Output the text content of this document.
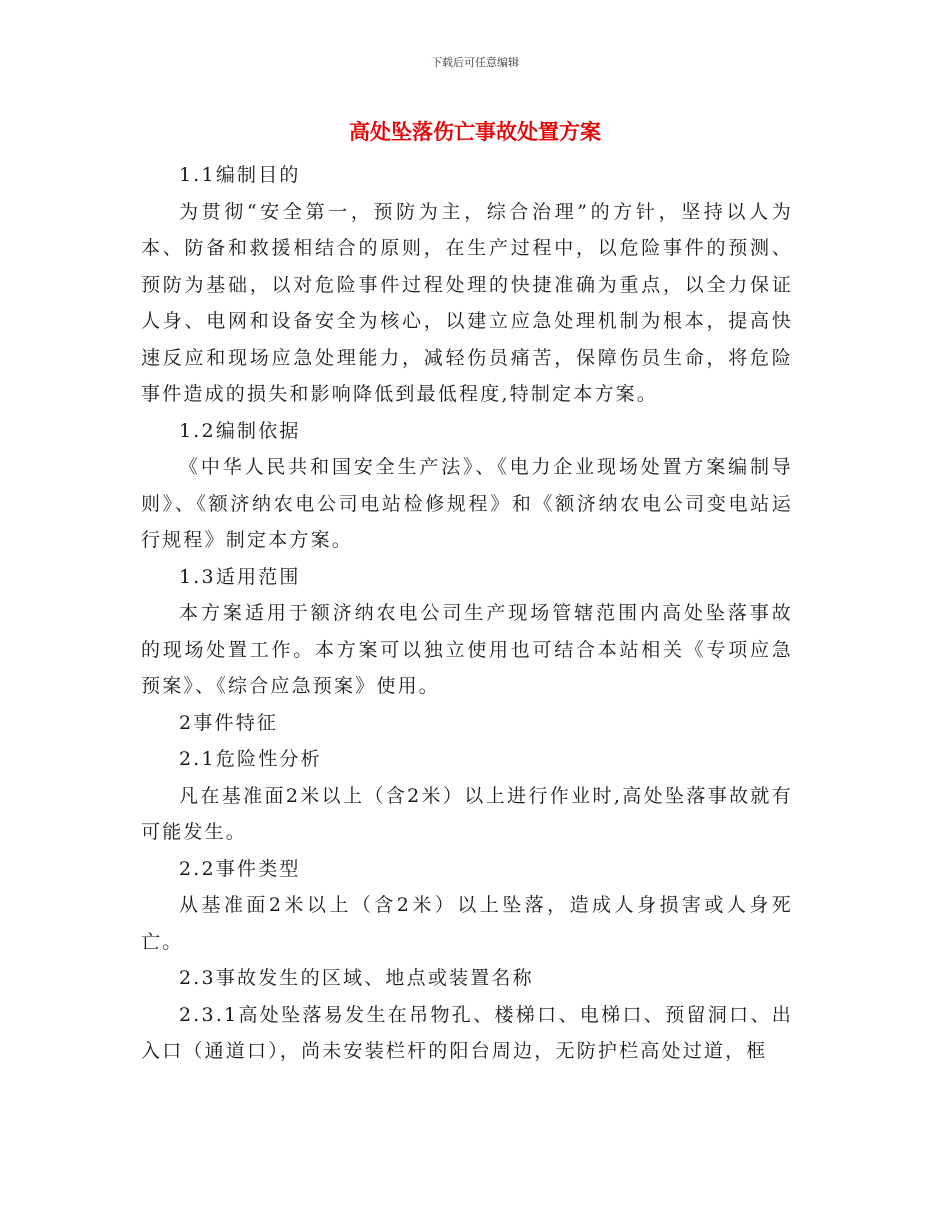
下载后可任意编辑
高处坠落伤亡事故处置方案

1.1编制目的

为贯彻“安全第一，预防为主，综合治理”的方针，坚持以人为本、防备和救援相结合的原则，在生产过程中，以危险事件的预测、预防为基础，以对危险事件过程处理的快捷准确为重点，以全力保证人身、电网和设备安全为核心，以建立应急处理机制为根本，提高快速反应和现场应急处理能力，减轻伤员痛苦，保障伤员生命，将危险事件造成的损失和影响降低到最低程度,特制定本方案。

1.2编制依据

《中华人民共和国安全生产法》、《电力企业现场处置方案编制导则》、《额济纳农电公司电站检修规程》和《额济纳农电公司变电站运行规程》制定本方案。

1.3适用范围

本方案适用于额济纳农电公司生产现场管辖范围内高处坠落事故的现场处置工作。本方案可以独立使用也可结合本站相关《专项应急预案》、《综合应急预案》使用。

2事件特征

2.1危险性分析

凡在基准面2米以上（含2米）以上进行作业时,高处坠落事故就有可能发生。

2.2事件类型

从基准面2米以上（含2米）以上坠落，造成人身损害或人身死亡。

2.3事故发生的区域、地点或装置名称

2.3.1高处坠落易发生在吊物孔、楼梯口、电梯口、预留洞口、出入口（通道口），尚未安装栏杆的阳台周边，无防护栏高处过道，框
